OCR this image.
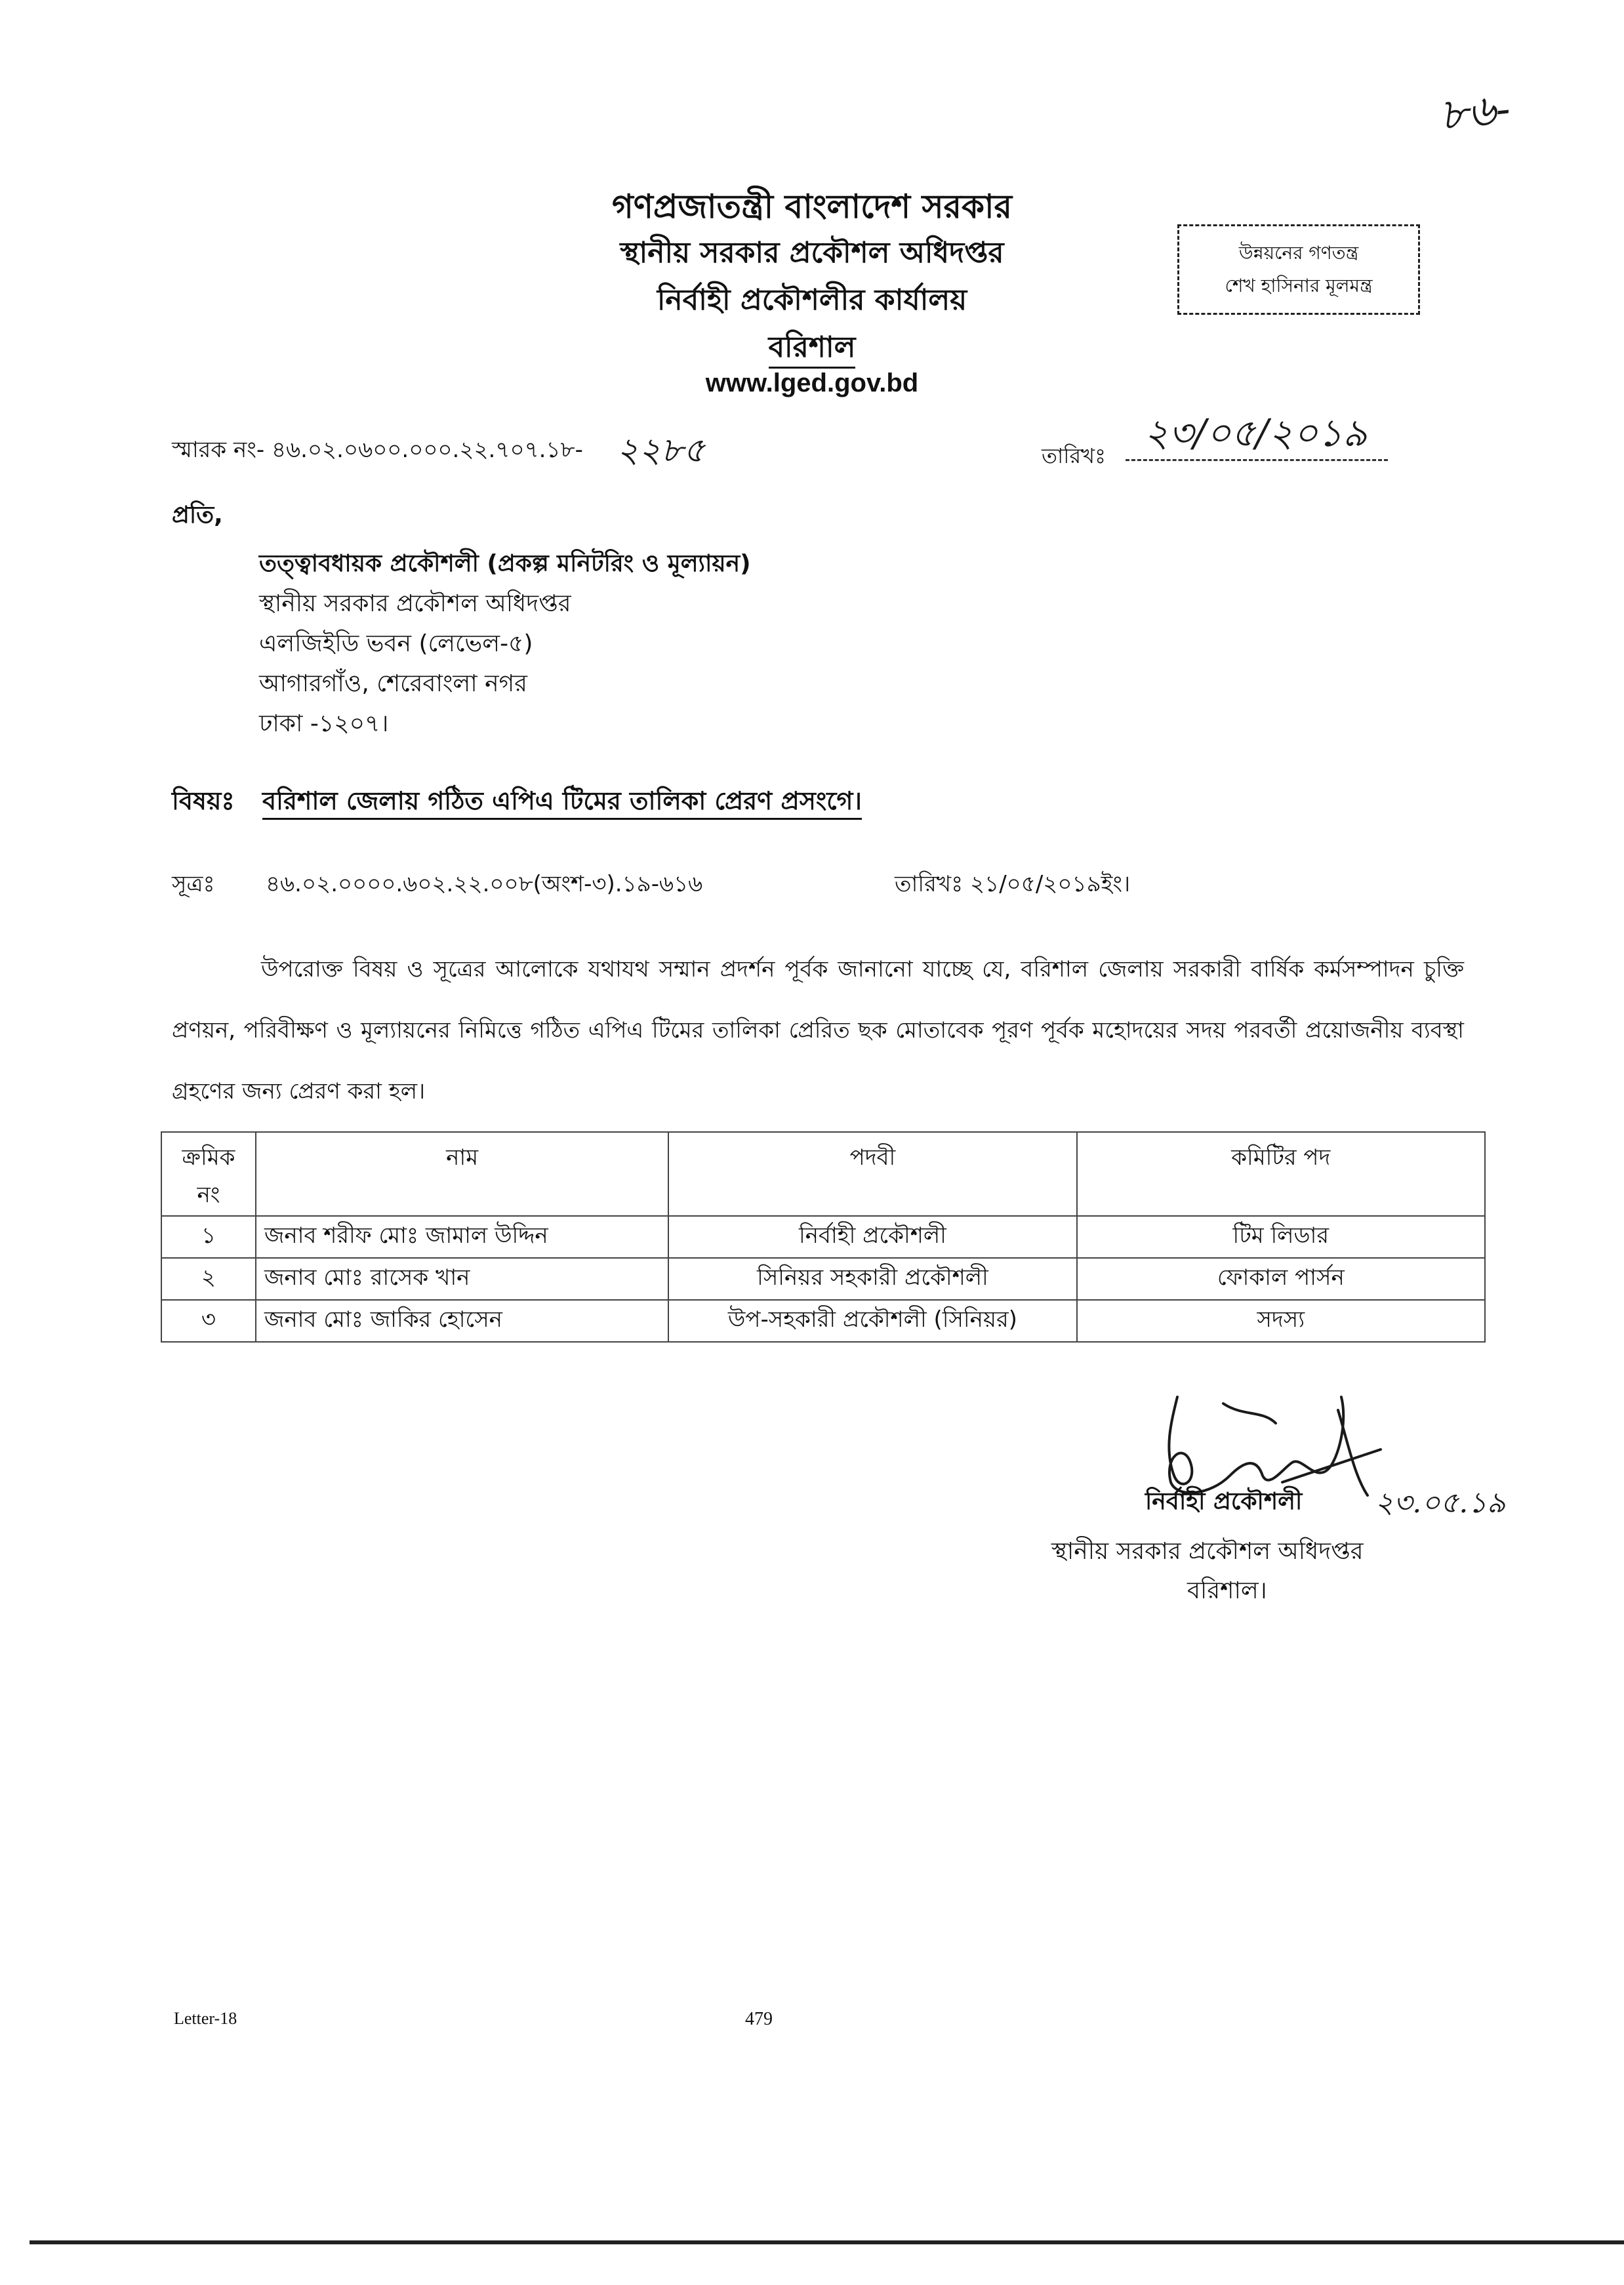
৮৬-
গণপ্রজাতন্ত্রী বাংলাদেশ সরকার
স্থানীয় সরকার প্রকৌশল অধিদপ্তর
নির্বাহী প্রকৌশলীর কার্যালয়
বরিশাল
www.lged.gov.bd
উন্নয়নের গণতন্ত্র
শেখ হাসিনার মূলমন্ত্র
স্মারক নং- ৪৬.০২.০৬০০.০০০.২২.৭০৭.১৮- ২২৮৫	তারিখঃ
২৩/০৫/২০১৯
প্রতি,
তত্ত্বাবধায়ক প্রকৌশলী (প্রকল্প মনিটরিং ও মূল্যায়ন)
স্থানীয় সরকার প্রকৌশল অধিদপ্তর
এলজিইডি ভবন (লেভেল-৫)
আগারগাঁও, শেরেবাংলা নগর
ঢাকা -১২০৭।
বিষয়ঃ বরিশাল জেলায় গঠিত এপিএ টিমের তালিকা প্রেরণ প্রসংগে।
সূত্রঃ ৪৬.০২.০০০০.৬০২.২২.০০৮(অংশ-৩).১৯-৬১৬	তারিখঃ ২১/০৫/২০১৯ইং।
উপরোক্ত বিষয় ও সূত্রের আলোকে যথাযথ সম্মান প্রদর্শন পূর্বক জানানো যাচ্ছে যে, বরিশাল জেলায় সরকারী বার্ষিক কর্মসম্পাদন চুক্তি প্রণয়ন, পরিবীক্ষণ ও মূল্যায়নের নিমিত্তে গঠিত এপিএ টিমের তালিকা প্রেরিত ছক মোতাবেক পূরণ পূর্বক মহোদয়ের সদয় পরবর্তী প্রয়োজনীয় ব্যবস্থা গ্রহণের জন্য প্রেরণ করা হল।
ক্রমিক নং	নাম	পদবী	কমিটির পদ
১	জনাব শরীফ মোঃ জামাল উদ্দিন	নির্বাহী প্রকৌশলী	টিম লিডার
২	জনাব মোঃ রাসেক খান	সিনিয়র সহকারী প্রকৌশলী	ফোকাল পার্সন
৩	জনাব মোঃ জাকির হোসেন	উপ-সহকারী প্রকৌশলী (সিনিয়র)	সদস্য
নির্বাহী প্রকৌশলী	২৩.০৫.১৯
স্থানীয় সরকার প্রকৌশল অধিদপ্তর
বরিশাল।
Letter-18	479
